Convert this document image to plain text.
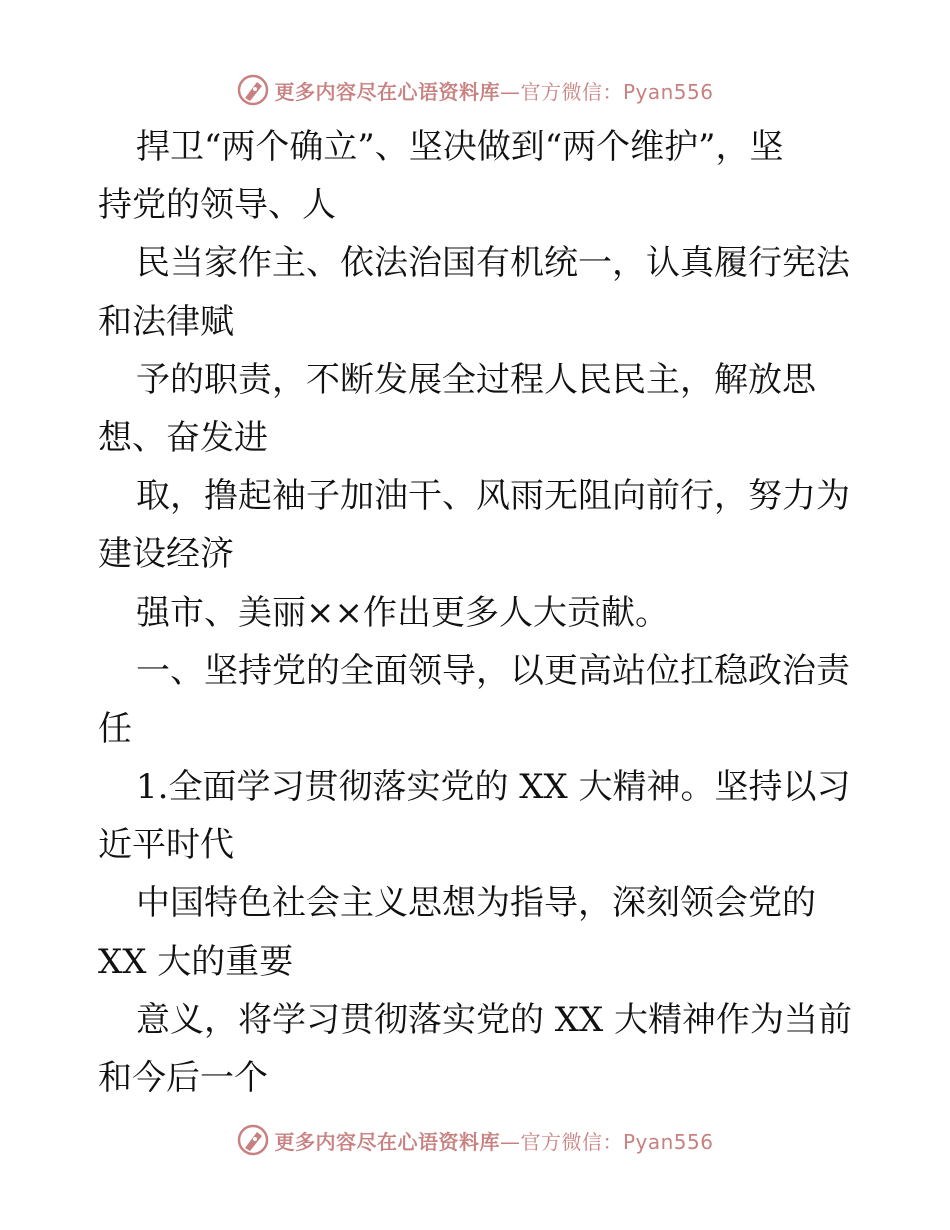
更多内容尽在心语资料库—官方微信：Pyan556
捍卫“两个确立”、坚决做到“两个维护”，坚
持党的领导、人
民当家作主、依法治国有机统一，认真履行宪法
和法律赋
予的职责，不断发展全过程人民民主，解放思
想、奋发进
取，撸起袖子加油干、风雨无阻向前行，努力为
建设经济
强市、美丽××作出更多人大贡献。
一、坚持党的全面领导，以更高站位扛稳政治责
任
1.全面学习贯彻落实党的 XX 大精神。坚持以习
近平时代
中国特色社会主义思想为指导，深刻领会党的
XX 大的重要
意义，将学习贯彻落实党的 XX 大精神作为当前
和今后一个
更多内容尽在心语资料库—官方微信：Pyan556
